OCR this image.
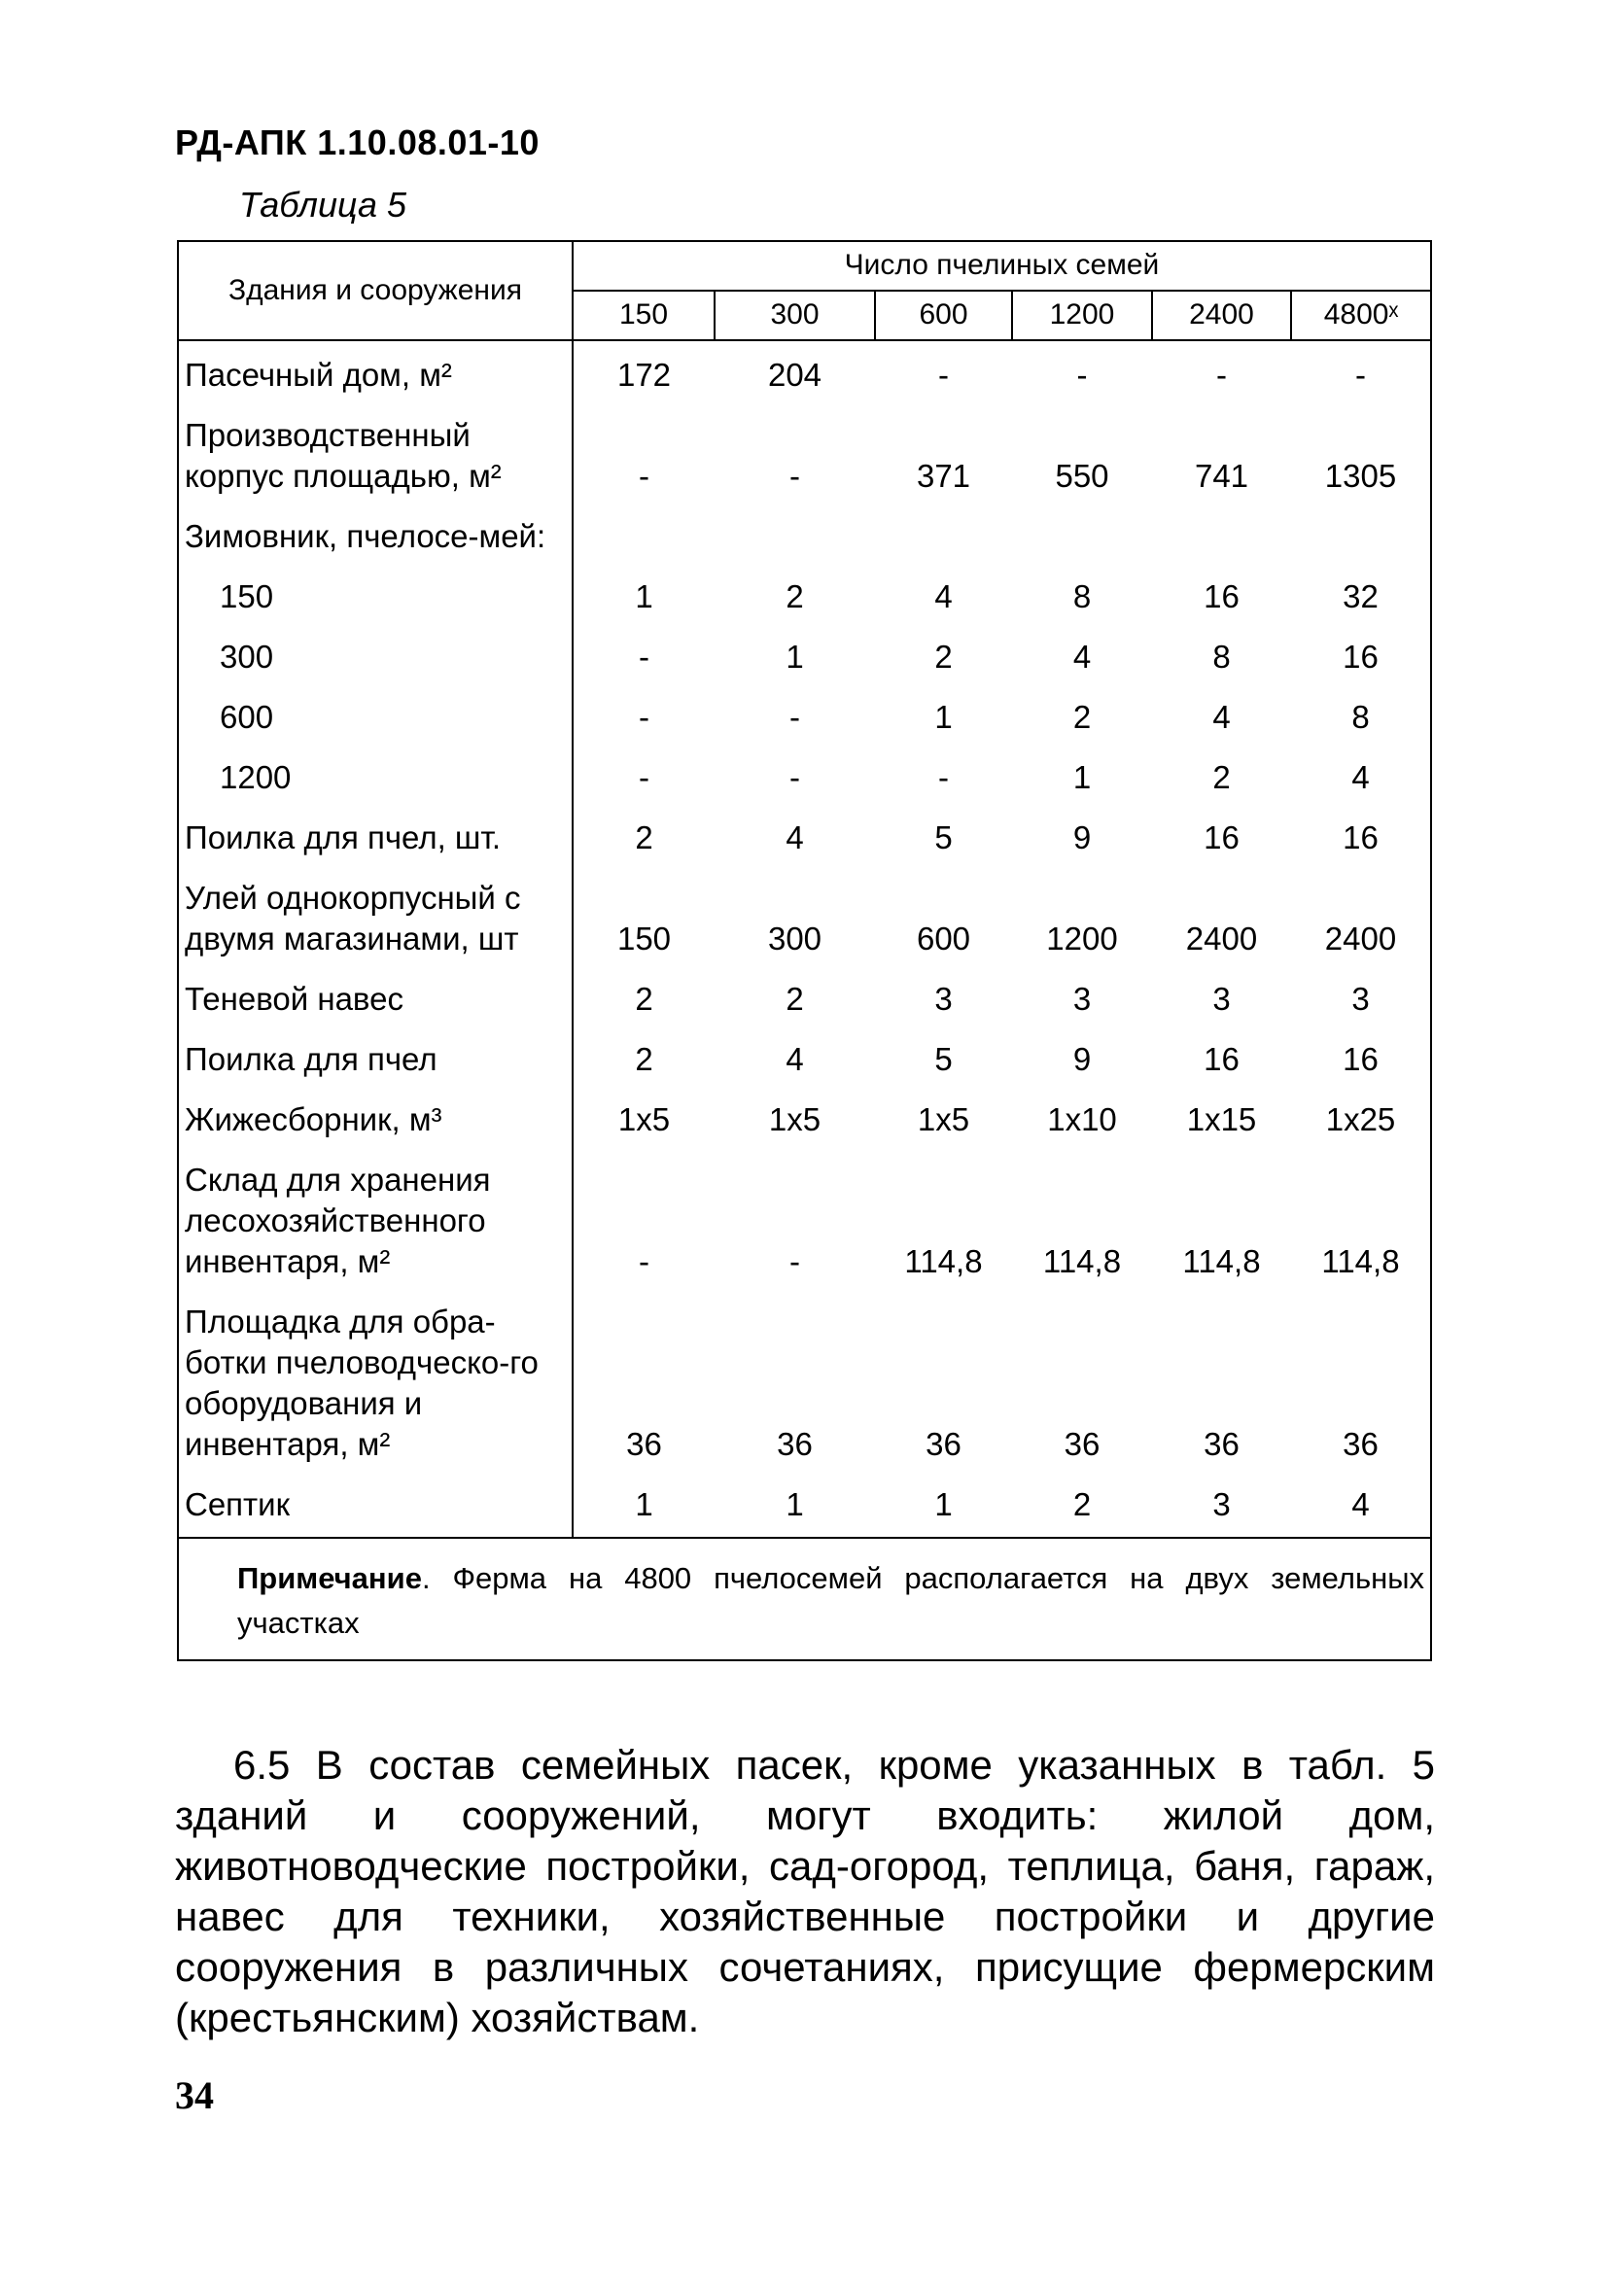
РД-АПК 1.10.08.01-10
Таблица 5
Здания и сооружения	Число пчелиных семей					
	150	300	600	1200	2400	4800ˣ
Пасечный дом, м²	172	204	-	-	-	-
Производственный корпус площадью, м²	-	-	371	550	741	1305
Зимовник, пчелосе-мей:						
150	1	2	4	8	16	32
300	-	1	2	4	8	16
600	-	-	1	2	4	8
1200	-	-	-	1	2	4
Поилка для пчел, шт.	2	4	5	9	16	16
Улей однокорпусный с двумя магазинами, шт	150	300	600	1200	2400	2400
Теневой навес	2	2	3	3	3	3
Поилка для пчел	2	4	5	9	16	16
Жижесборник, м³	1х5	1х5	1х5	1х10	1х15	1х25
Склад для хранения лесохозяйственного инвентаря, м²	-	-	114,8	114,8	114,8	114,8
Площадка для обра-ботки пчеловодческо-го оборудования и инвентаря, м²	36	36	36	36	36	36
Септик	1	1	1	2	3	4
Примечание. Ферма на 4800 пчелосемей располагается на двух земельных участках
6.5 В состав семейных пасек, кроме указанных в табл. 5 зданий и сооружений, могут входить: жилой дом, животноводческие постройки, сад-огород, теплица, баня, гараж, навес для техники, хозяйственные постройки и другие сооружения в различных сочетаниях, присущие фермерским (крестьянским) хозяйствам.
34
